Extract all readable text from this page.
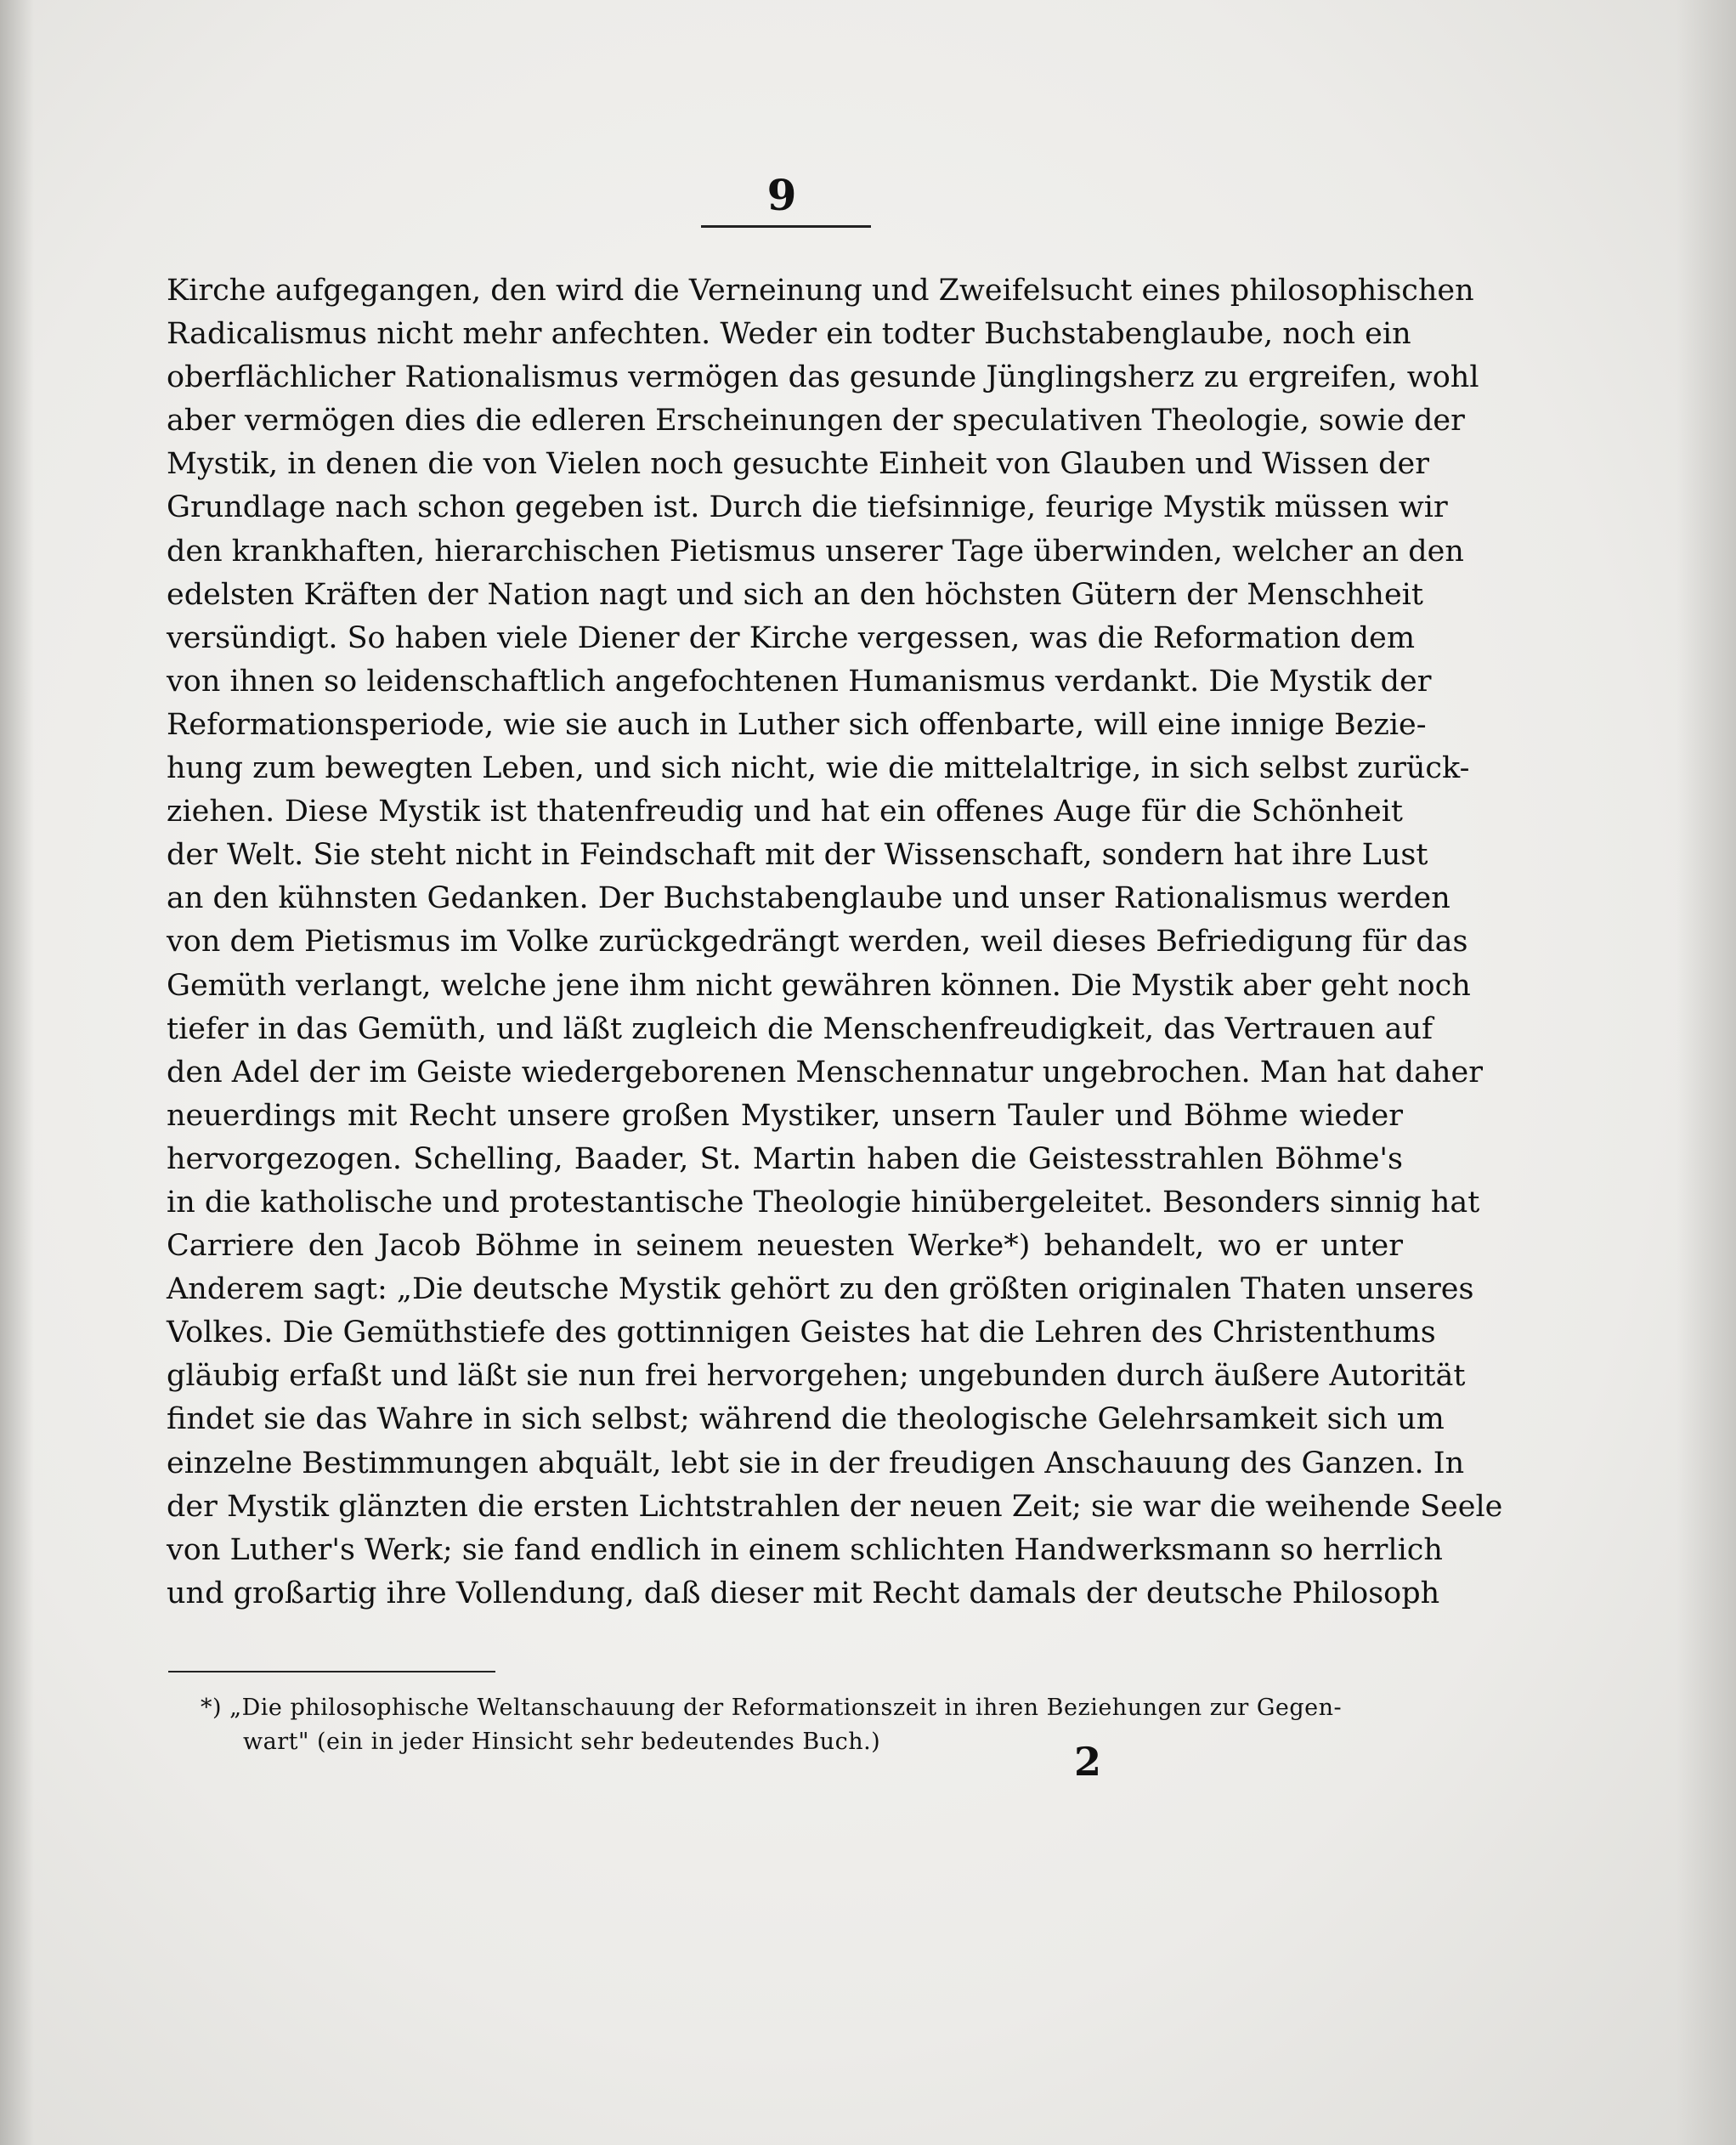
9
Kirche aufgegangen, den wird die Verneinung und Zweifelsucht eines philosophischen
Radicalismus nicht mehr anfechten. Weder ein todter Buchstabenglaube, noch ein
oberflächlicher Rationalismus vermögen das gesunde Jünglingsherz zu ergreifen, wohl
aber vermögen dies die edleren Erscheinungen der speculativen Theologie, sowie der
Mystik, in denen die von Vielen noch gesuchte Einheit von Glauben und Wissen der
Grundlage nach schon gegeben ist. Durch die tiefsinnige, feurige Mystik müssen wir
den krankhaften, hierarchischen Pietismus unserer Tage überwinden, welcher an den
edelsten Kräften der Nation nagt und sich an den höchsten Gütern der Menschheit
versündigt. So haben viele Diener der Kirche vergessen, was die Reformation dem
von ihnen so leidenschaftlich angefochtenen Humanismus verdankt. Die Mystik der
Reformationsperiode, wie sie auch in Luther sich offenbarte, will eine innige Bezie-
hung zum bewegten Leben, und sich nicht, wie die mittelaltrige, in sich selbst zurück-
ziehen. Diese Mystik ist thatenfreudig und hat ein offenes Auge für die Schönheit
der Welt. Sie steht nicht in Feindschaft mit der Wissenschaft, sondern hat ihre Lust
an den kühnsten Gedanken. Der Buchstabenglaube und unser Rationalismus werden
von dem Pietismus im Volke zurückgedrängt werden, weil dieses Befriedigung für das
Gemüth verlangt, welche jene ihm nicht gewähren können. Die Mystik aber geht noch
tiefer in das Gemüth, und läßt zugleich die Menschenfreudigkeit, das Vertrauen auf
den Adel der im Geiste wiedergeborenen Menschennatur ungebrochen. Man hat daher
neuerdings mit Recht unsere großen Mystiker, unsern Tauler und Böhme wieder
hervorgezogen. Schelling, Baader, St. Martin haben die Geistesstrahlen Böhme's
in die katholische und protestantische Theologie hinübergeleitet. Besonders sinnig hat
Carriere den Jacob Böhme in seinem neuesten Werke*) behandelt, wo er unter
Anderem sagt: „Die deutsche Mystik gehört zu den größten originalen Thaten unseres
Volkes. Die Gemüthstiefe des gottinnigen Geistes hat die Lehren des Christenthums
gläubig erfaßt und läßt sie nun frei hervorgehen; ungebunden durch äußere Autorität
findet sie das Wahre in sich selbst; während die theologische Gelehrsamkeit sich um
einzelne Bestimmungen abquält, lebt sie in der freudigen Anschauung des Ganzen. In
der Mystik glänzten die ersten Lichtstrahlen der neuen Zeit; sie war die weihende Seele
von Luther's Werk; sie fand endlich in einem schlichten Handwerksmann so herrlich
und großartig ihre Vollendung, daß dieser mit Recht damals der deutsche Philosoph
*) „Die philosophische Weltanschauung der Reformationszeit in ihren Beziehungen zur Gegen-
wart" (ein in jeder Hinsicht sehr bedeutendes Buch.)	2
